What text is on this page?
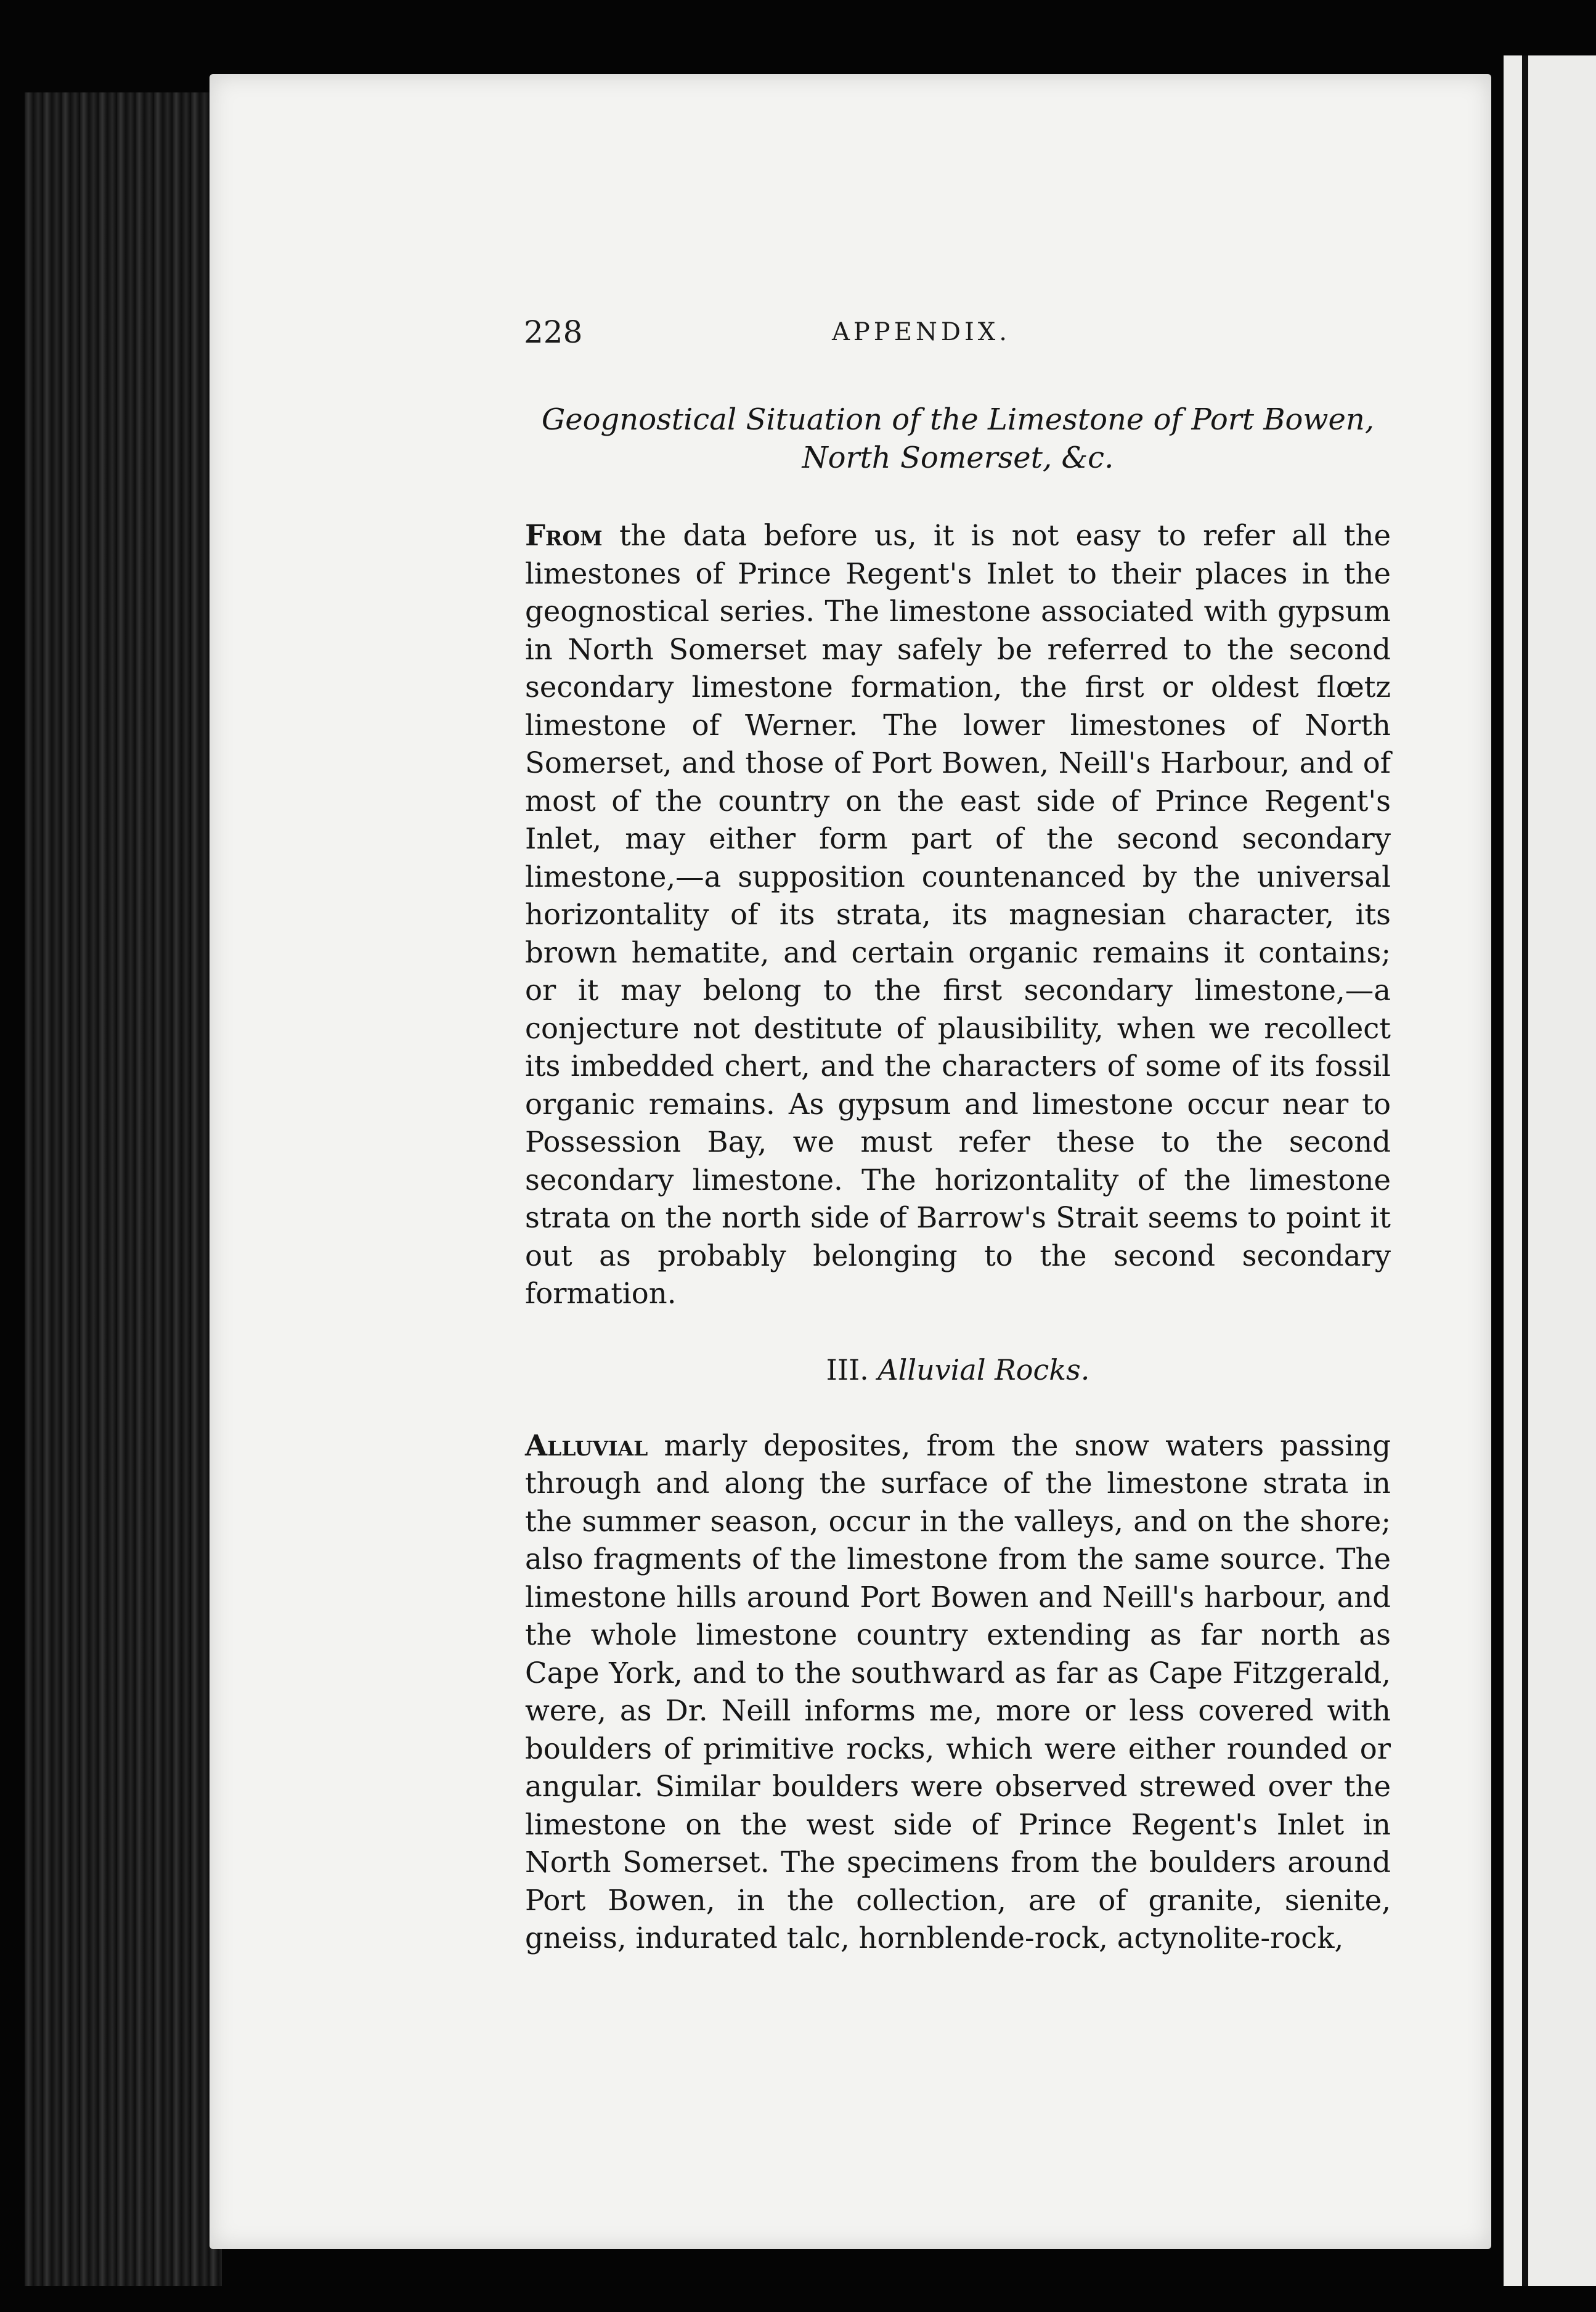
228	APPENDIX.

Geognostical Situation of the Limestone of Port Bowen, North Somerset, &c.

From the data before us, it is not easy to refer all the limestones of Prince Regent's Inlet to their places in the geognostical series. The limestone associated with gypsum in North Somerset may safely be referred to the second secondary limestone formation, the first or oldest flœtz limestone of Werner. The lower limestones of North Somerset, and those of Port Bowen, Neill's Harbour, and of most of the country on the east side of Prince Regent's Inlet, may either form part of the second secondary limestone,—a supposition countenanced by the universal horizontality of its strata, its magnesian character, its brown hematite, and certain organic remains it contains; or it may belong to the first secondary limestone,—a conjecture not destitute of plausibility, when we recollect its imbedded chert, and the characters of some of its fossil organic remains. As gypsum and limestone occur near to Possession Bay, we must refer these to the second secondary limestone. The horizontality of the limestone strata on the north side of Barrow's Strait seems to point it out as probably belonging to the second secondary formation.

III. Alluvial Rocks.

Alluvial marly deposites, from the snow waters passing through and along the surface of the limestone strata in the summer season, occur in the valleys, and on the shore; also fragments of the limestone from the same source. The limestone hills around Port Bowen and Neill's harbour, and the whole limestone country extending as far north as Cape York, and to the southward as far as Cape Fitzgerald, were, as Dr. Neill informs me, more or less covered with boulders of primitive rocks, which were either rounded or angular. Similar boulders were observed strewed over the limestone on the west side of Prince Regent's Inlet in North Somerset. The specimens from the boulders around Port Bowen, in the collection, are of granite, sienite, gneiss, indurated talc, hornblende-rock, actynolite-rock,
